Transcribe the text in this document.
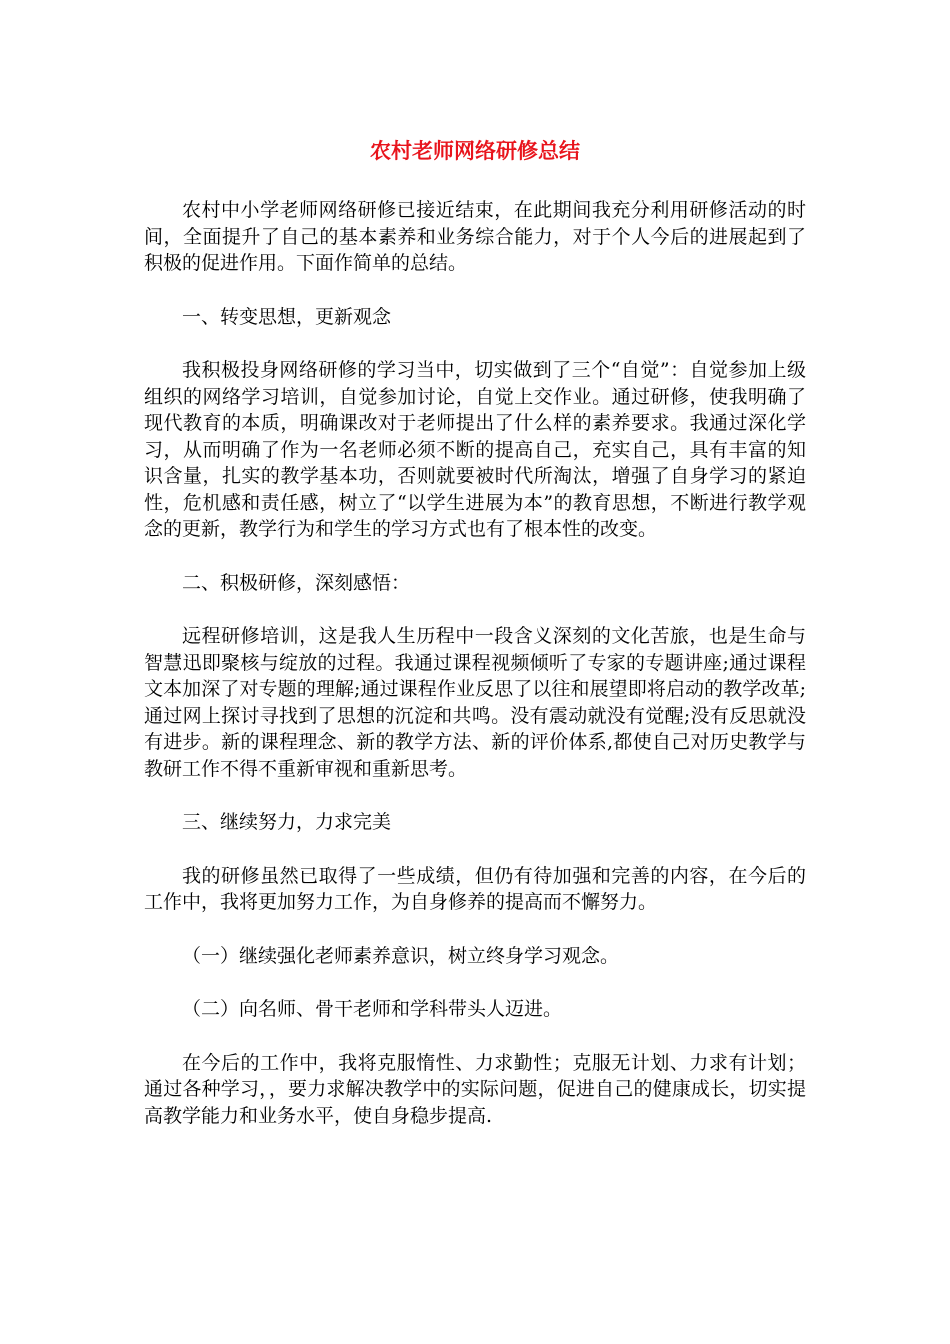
农村老师网络研修总结

农村中小学老师网络研修已接近结束，在此期间我充分利用研修活动的时间，全面提升了自己的基本素养和业务综合能力，对于个人今后的进展起到了积极的促进作用。下面作简单的总结。

一、转变思想，更新观念

我积极投身网络研修的学习当中，切实做到了三个“自觉”：自觉参加上级组织的网络学习培训，自觉参加讨论，自觉上交作业。通过研修，使我明确了现代教育的本质，明确课改对于老师提出了什么样的素养要求。我通过深化学习，从而明确了作为一名老师必须不断的提高自己，充实自己，具有丰富的知识含量，扎实的教学基本功，否则就要被时代所淘汰，增强了自身学习的紧迫性，危机感和责任感，树立了“以学生进展为本”的教育思想，不断进行教学观念的更新，教学行为和学生的学习方式也有了根本性的改变。

二、积极研修，深刻感悟：

远程研修培训，这是我人生历程中一段含义深刻的文化苦旅，也是生命与智慧迅即聚核与绽放的过程。我通过课程视频倾听了专家的专题讲座;通过课程文本加深了对专题的理解;通过课程作业反思了以往和展望即将启动的教学改革;通过网上探讨寻找到了思想的沉淀和共鸣。没有震动就没有觉醒;没有反思就没有进步。新的课程理念、新的教学方法、新的评价体系,都使自己对历史教学与教研工作不得不重新审视和重新思考。

三、继续努力，力求完美

我的研修虽然已取得了一些成绩，但仍有待加强和完善的内容，在今后的工作中，我将更加努力工作，为自身修养的提高而不懈努力。

（一）继续强化老师素养意识，树立终身学习观念。

（二）向名师、骨干老师和学科带头人迈进。

在今后的工作中，我将克服惰性、力求勤性；克服无计划、力求有计划；通过各种学习，，要力求解决教学中的实际问题，促进自己的健康成长，切实提高教学能力和业务水平，使自身稳步提高.
